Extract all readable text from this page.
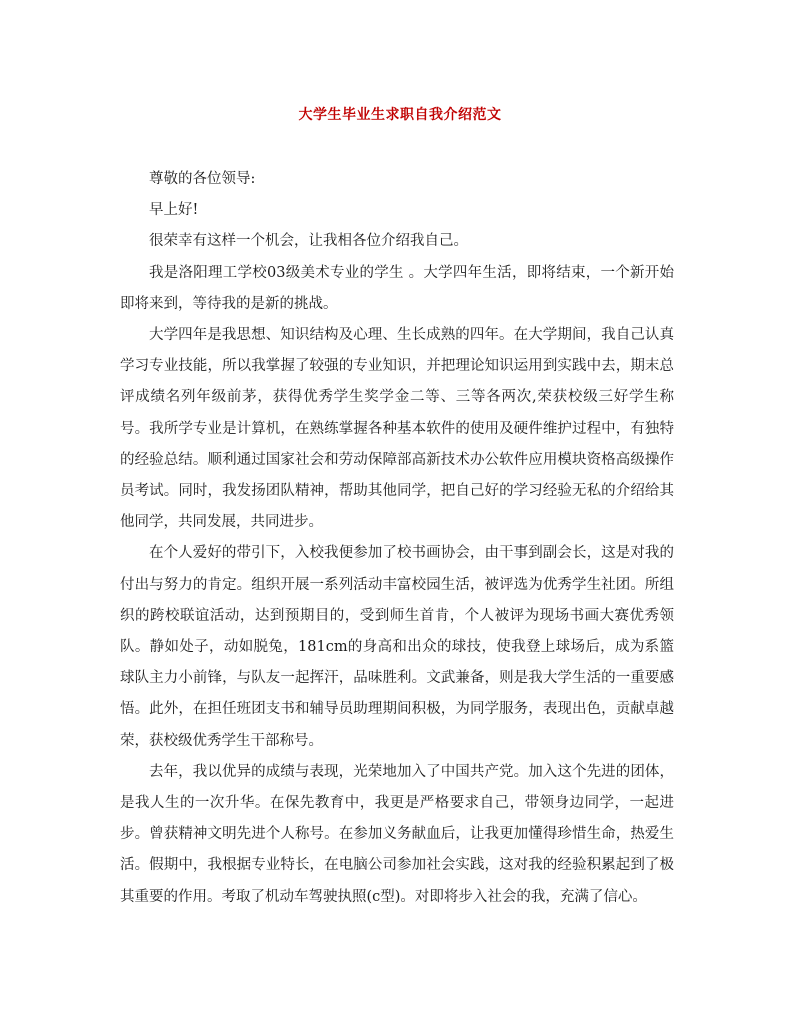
大学生毕业生求职自我介绍范文

尊敬的各位领导:

早上好!

很荣幸有这样一个机会，让我相各位介绍我自己。

我是洛阳理工学校03级美术专业的学生 。大学四年生活，即将结束，一个新开始即将来到，等待我的是新的挑战。

大学四年是我思想、知识结构及心理、生长成熟的四年。在大学期间，我自己认真学习专业技能，所以我掌握了较强的专业知识，并把理论知识运用到实践中去，期末总评成绩名列年级前茅，获得优秀学生奖学金二等、三等各两次,荣获校级三好学生称号。我所学专业是计算机，在熟练掌握各种基本软件的使用及硬件维护过程中，有独特的经验总结。顺利通过国家社会和劳动保障部高新技术办公软件应用模块资格高级操作员考试。同时，我发扬团队精神，帮助其他同学，把自己好的学习经验无私的介绍给其他同学，共同发展，共同进步。

在个人爱好的带引下，入校我便参加了校书画协会，由干事到副会长，这是对我的付出与努力的肯定。组织开展一系列活动丰富校园生活，被评选为优秀学生社团。所组织的跨校联谊活动，达到预期目的，受到师生首肯，个人被评为现场书画大赛优秀领队。静如处子，动如脱兔，181cm的身高和出众的球技，使我登上球场后，成为系篮球队主力小前锋，与队友一起挥汗，品味胜利。文武兼备，则是我大学生活的一重要感悟。此外，在担任班团支书和辅导员助理期间积极，为同学服务，表现出色，贡献卓越荣，获校级优秀学生干部称号。

去年，我以优异的成绩与表现，光荣地加入了中国共产党。加入这个先进的团体，是我人生的一次升华。在保先教育中，我更是严格要求自己，带领身边同学，一起进步。曾获精神文明先进个人称号。在参加义务献血后，让我更加懂得珍惜生命，热爱生活。假期中，我根据专业特长，在电脑公司参加社会实践，这对我的经验积累起到了极其重要的作用。考取了机动车驾驶执照(c型)。对即将步入社会的我，充满了信心。
